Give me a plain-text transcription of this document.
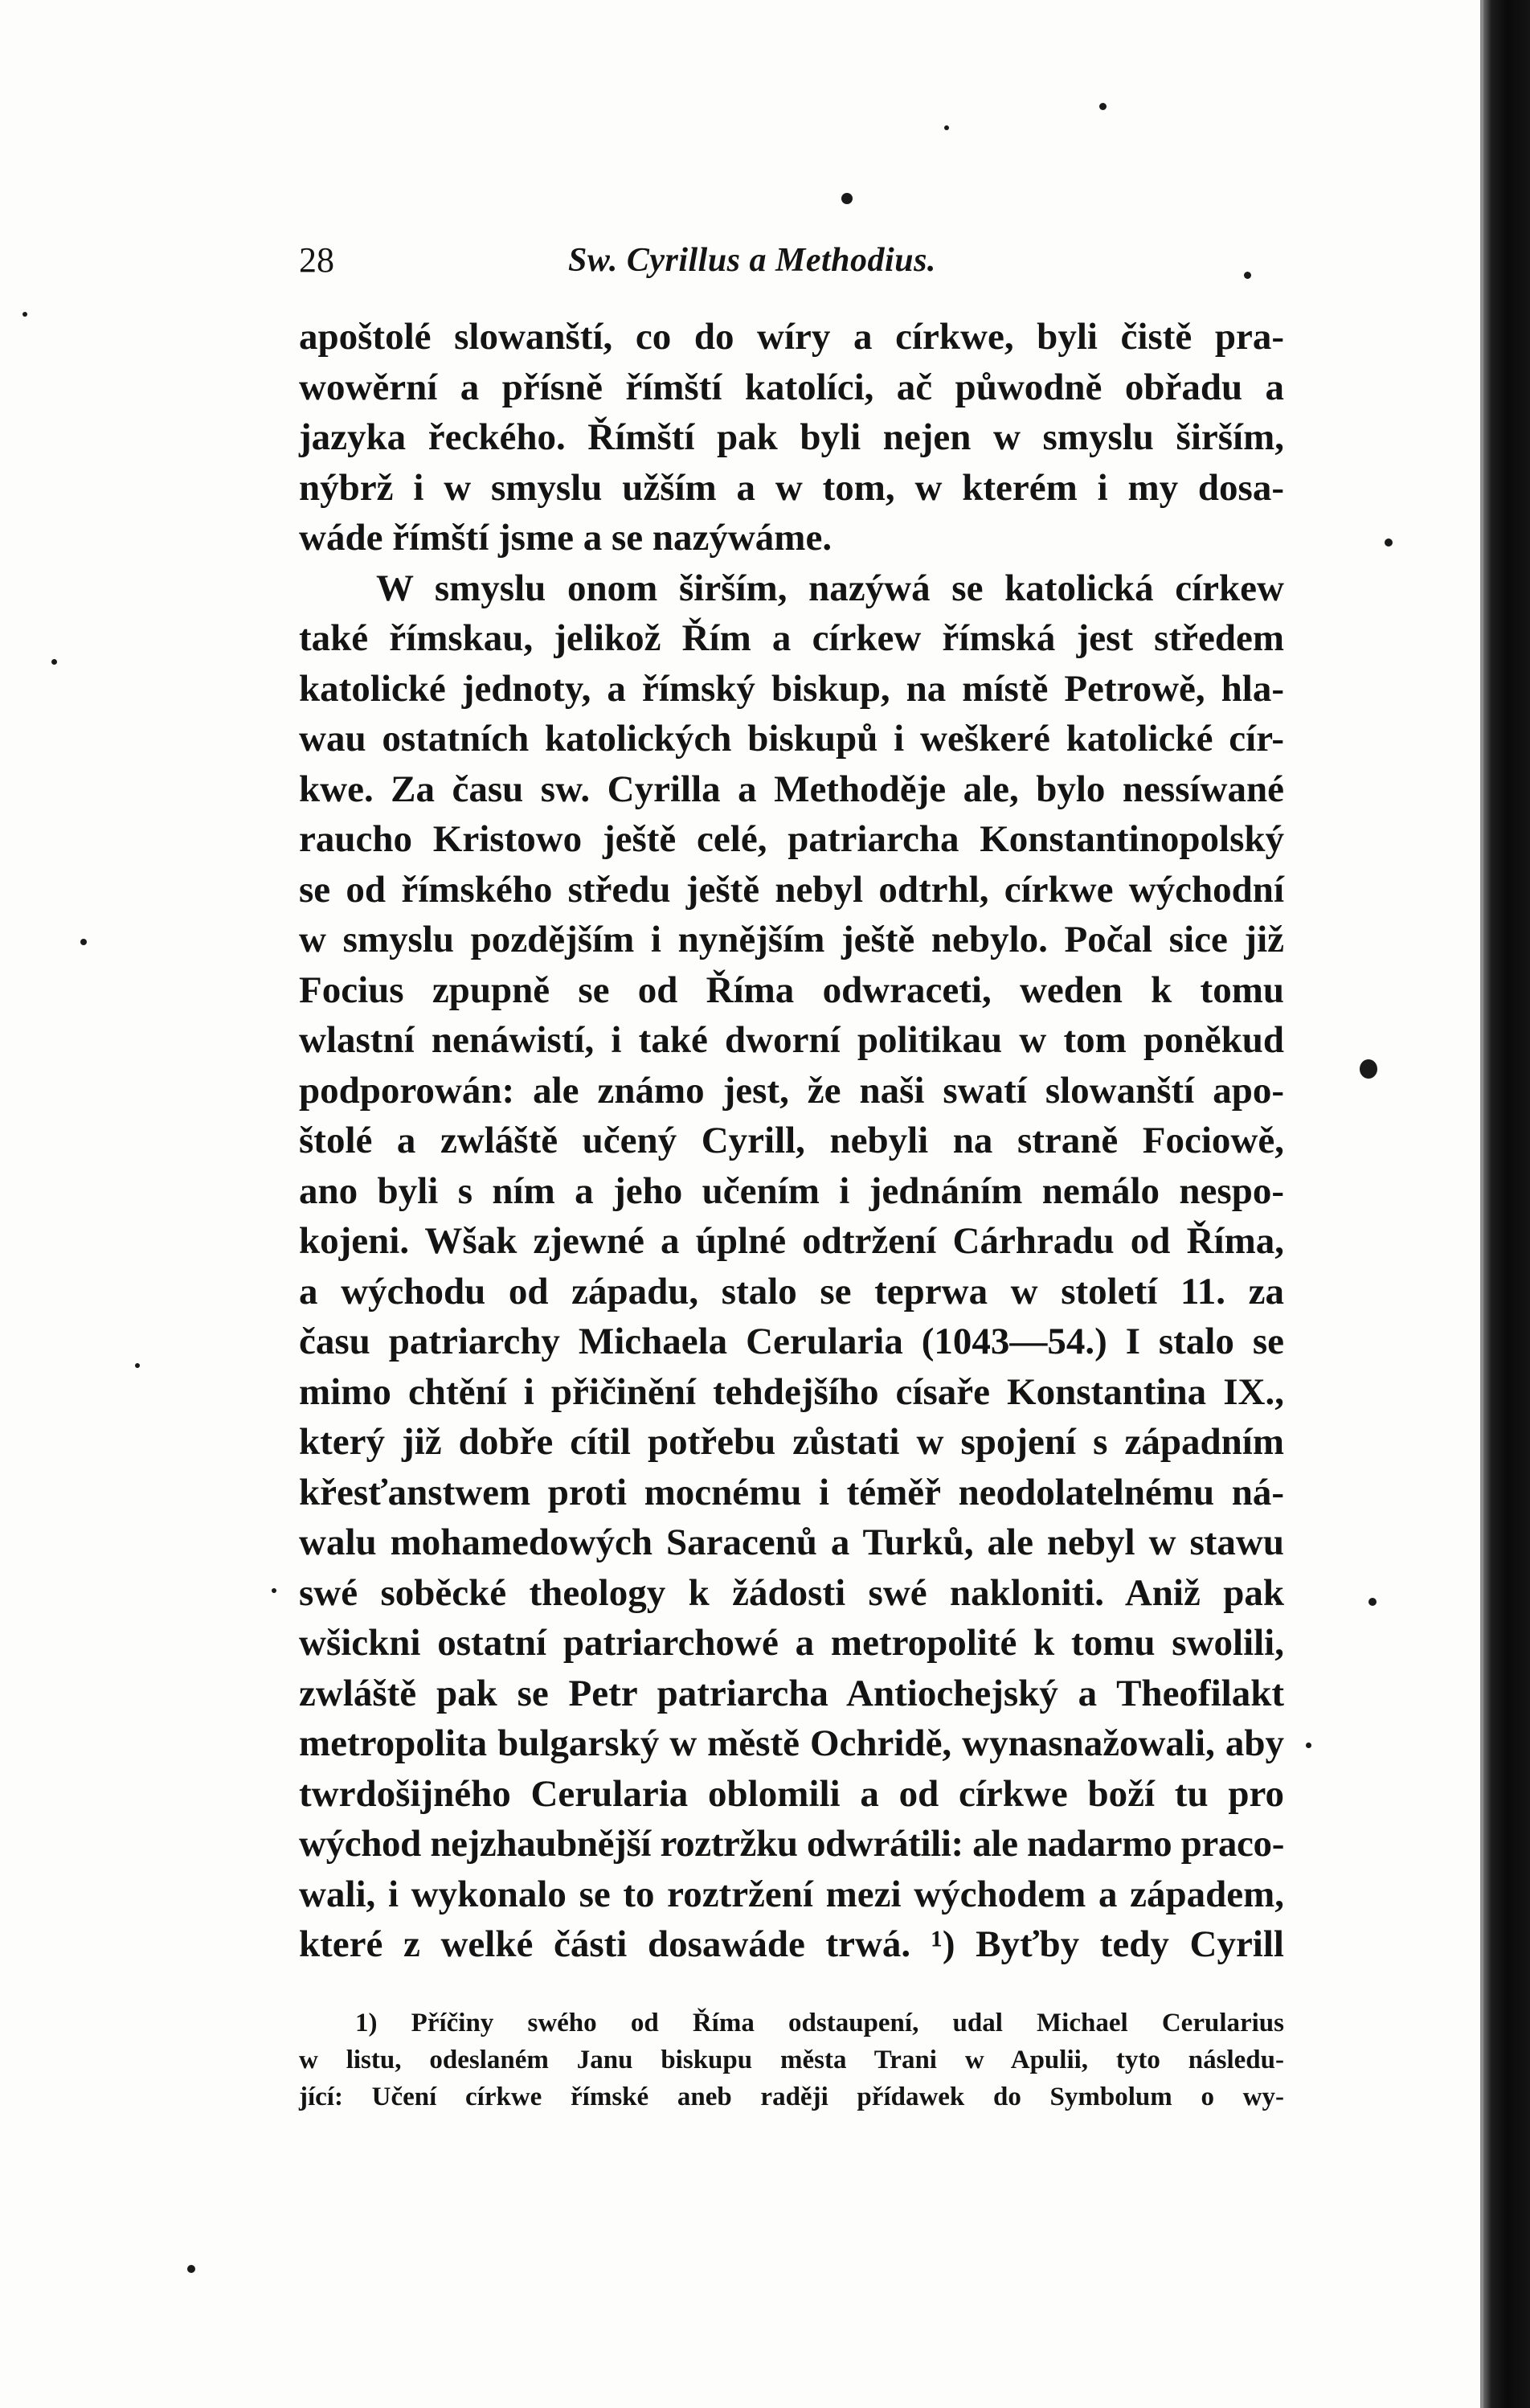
28	Sw. Cyrillus a Methodius.
apoštolé slowanští, co do wíry a církwe, byli čistě pra-
wowěrní a přísně římští katolíci, ač půwodně obřadu a
jazyka řeckého. Římští pak byli nejen w smyslu širším,
nýbrž i w smyslu užším a w tom, w kterém i my dosa-
wáde římští jsme a se nazýwáme.
W smyslu onom širším, nazýwá se katolická církew
také římskau, jelikož Řím a církew římská jest středem
katolické jednoty, a římský biskup, na místě Petrowě, hla-
wau ostatních katolických biskupů i weškeré katolické cír-
kwe. Za času sw. Cyrilla a Methoděje ale, bylo nessíwané
raucho Kristowo ještě celé, patriarcha Konstantinopolský
se od římského středu ještě nebyl odtrhl, církwe wýchodní
w smyslu pozdějším i nynějším ještě nebylo. Počal sice již
Focius zpupně se od Říma odwraceti, weden k tomu
wlastní nenáwistí, i také dworní politikau w tom poněkud
podporowán: ale známo jest, že naši swatí slowanští apo-
štolé a zwláště učený Cyrill, nebyli na straně Fociowě,
ano byli s ním a jeho učením i jednáním nemálo nespo-
kojeni. Wšak zjewné a úplné odtržení Cárhradu od Říma,
a wýchodu od západu, stalo se teprwa w století 11. za
času patriarchy Michaela Cerularia (1043—54.) I stalo se
mimo chtění i přičinění tehdejšího císaře Konstantina IX.,
který již dobře cítil potřebu zůstati w spojení s západním
křesťanstwem proti mocnému i téměř neodolatelnému ná-
walu mohamedowých Saracenů a Turků, ale nebyl w stawu
swé soběcké theology k žádosti swé nakloniti. Aniž pak
wšickni ostatní patriarchowé a metropolité k tomu swolili,
zwláště pak se Petr patriarcha Antiochejský a Theofilakt
metropolita bulgarský w městě Ochridě, wynasnažowali, aby
twrdošijného Cerularia oblomili a od církwe boží tu pro
wýchod nejzhaubnější roztržku odwrátili: ale nadarmo praco-
wali, i wykonalo se to roztržení mezi wýchodem a západem,
které z welké části dosawáde trwá. ¹) Byťby tedy Cyrill
1) Příčiny swého od Říma odstaupení, udal Michael Cerularius
w listu, odeslaném Janu biskupu města Trani w Apulii, tyto následu-
jící: Učení církwe římské aneb raději přídawek do Symbolum o wy-
